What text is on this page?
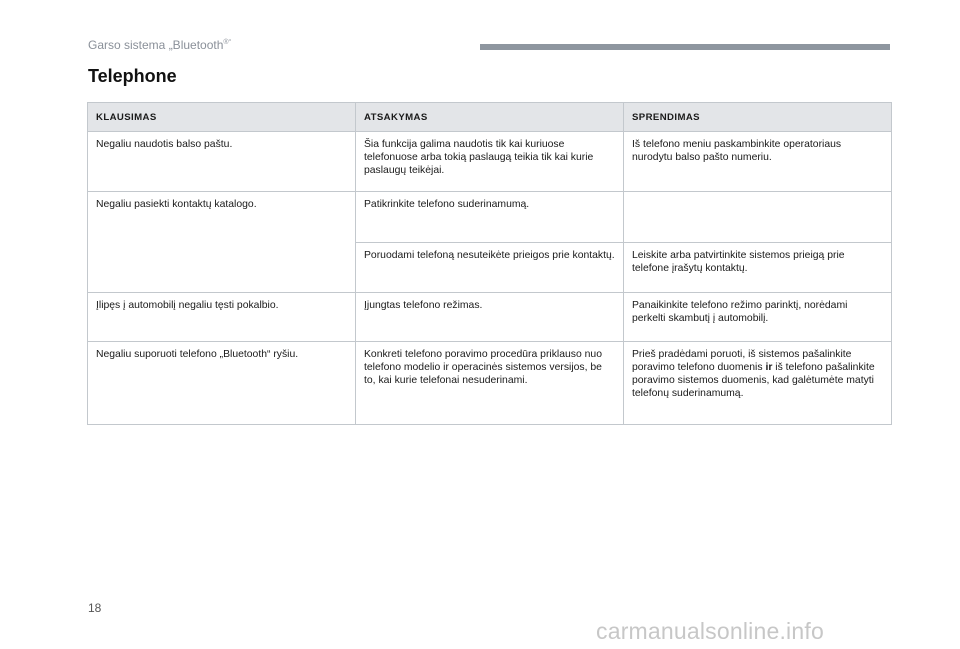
Garso sistema „Bluetooth®“
Telephone
KLAUSIMAS	ATSAKYMAS	SPRENDIMAS
Negaliu naudotis balso paštu.	Šia funkcija galima naudotis tik kai kuriuose telefonuose arba tokią paslaugą teikia tik kai kurie paslaugų teikėjai.	Iš telefono meniu paskambinkite operatoriaus nurodytu balso pašto numeriu.
Negaliu pasiekti kontaktų katalogo.	Patikrinkite telefono suderinamumą.	
	Poruodami telefoną nesuteikėte prieigos prie kontaktų.	Leiskite arba patvirtinkite sistemos prieigą prie telefone įrašytų kontaktų.
Įlipęs į automobilį negaliu tęsti pokalbio.	Įjungtas telefono režimas.	Panaikinkite telefono režimo parinktį, norėdami perkelti skambutį į automobilį.
Negaliu suporuoti telefono „Bluetooth“ ryšiu.	Konkreti telefono poravimo procedūra priklauso nuo telefono modelio ir operacinės sistemos versijos, be to, kai kurie telefonai nesuderinami.	Prieš pradėdami poruoti, iš sistemos pašalinkite poravimo telefono duomenis ir iš telefono pašalinkite poravimo sistemos duomenis, kad galėtumėte matyti telefonų suderinamumą.
18
carmanualsonline.info
